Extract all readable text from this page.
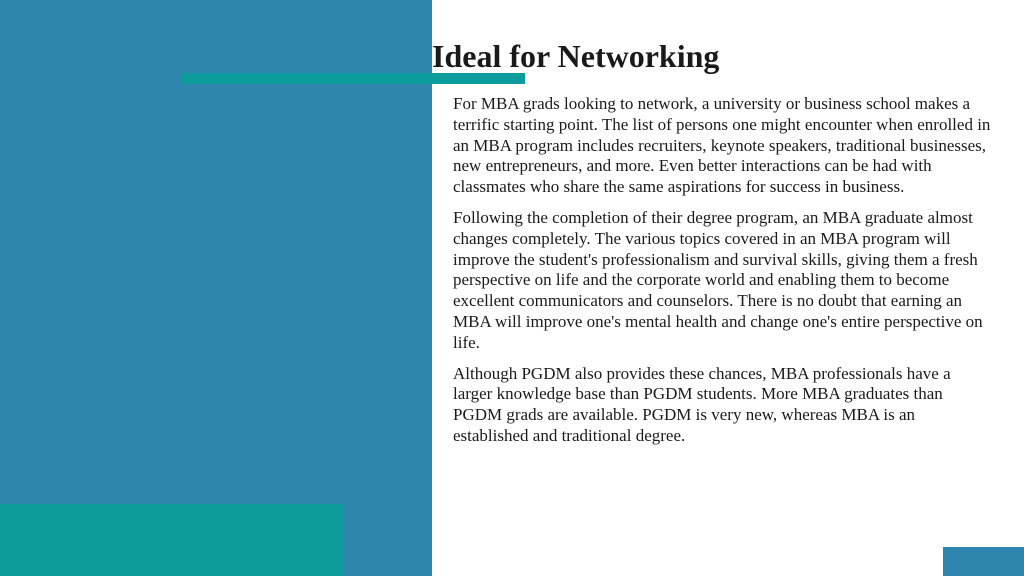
Ideal for Networking

For MBA grads looking to network, a university or business school makes a terrific starting point. The list of persons one might encounter when enrolled in an MBA program includes recruiters, keynote speakers, traditional businesses, new entrepreneurs, and more. Even better interactions can be had with classmates who share the same aspirations for success in business.

Following the completion of their degree program, an MBA graduate almost changes completely. The various topics covered in an MBA program will improve the student's professionalism and survival skills, giving them a fresh perspective on life and the corporate world and enabling them to become excellent communicators and counselors. There is no doubt that earning an MBA will improve one's mental health and change one's entire perspective on life.

Although PGDM also provides these chances, MBA professionals have a larger knowledge base than PGDM students. More MBA graduates than PGDM grads are available. PGDM is very new, whereas MBA is an established and traditional degree.
